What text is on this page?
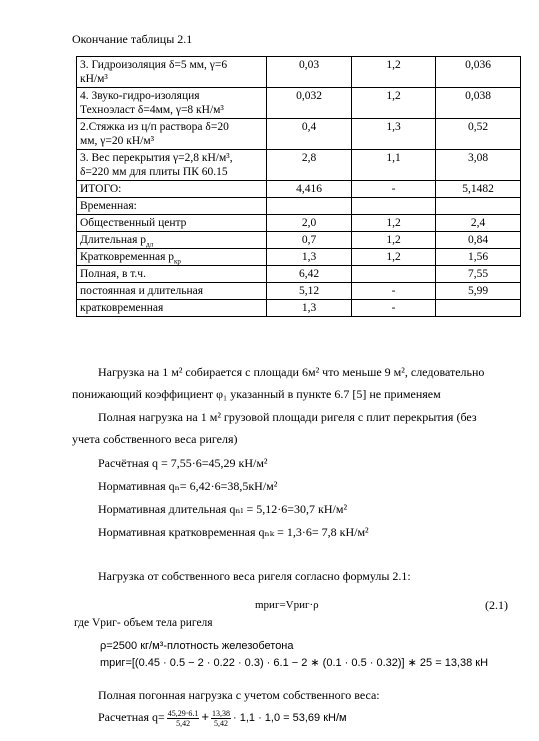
Окончание таблицы 2.1
3. Гидроизоляция δ=5 мм, γ=6
кН/м³	0,03	1,2	0,036

4. Звуко-гидро-изоляция
Техноэласт δ=4мм, γ=8 кН/м³	0,032	1,2	0,038

2.Стяжка из ц/п раствора δ=20
мм, γ=20 кН/м³	0,4	1,3	0,52

3. Вес перекрытия γ=2,8 кН/м³,
δ=220 мм для плиты ПК 60.15	2,8	1,1	3,08
ИТОГО:	4,416	-	5,1482
Временная:			
Общественный центр	2,0	1,2	2,4
Длительная $p_{дл}$	0,7	1,2	0,84
Кратковременная $p_{кр}$	1,3	1,2	1,56
Полная, в т.ч.	6,42		7,55
постоянная и длительная	5,12	-	5,99
кратковременная	1,3	-	
Нагрузка на 1 м² собирается с площади 6м² что меньше 9 м², следовательно
понижающий коэффициент φ₁ указанный в пункте 6.7 [5] не применяем
Полная нагрузка на 1 м² грузовой площади ригеля с плит перекрытия (без
учета собственного веса ригеля)
Расчётная q = 7,55·6=45,29 кН/м²
Нормативная qₙ= 6,42·6=38,5кН/м²
Нормативная длительная qₙₗ = 5,12·6=30,7 кН/м²
Нормативная кратковременная qₙₖ = 1,3·6= 7,8 кН/м²
Нагрузка от собственного веса ригеля согласно формулы 2.1:
mриг=Vриг·ρ	(2.1)
где Vриг- объем тела ригеля
ρ=2500 кг/м³-плотность железобетона
mриг=[(0.45 · 0.5 − 2 · 0.22 · 0.3) · 6.1 − 2 ∗ (0.1 · 0.5 · 0.32)] ∗ 25 = 13,38 кН
Полная погонная нагрузка с учетом собственного веса:
Расчетная $q= \frac{45,29\cdot 6.1}{5,42} + \frac{13,38}{5,42} \cdot 1,1 \cdot 1,0 = 53,69$ кН/м
